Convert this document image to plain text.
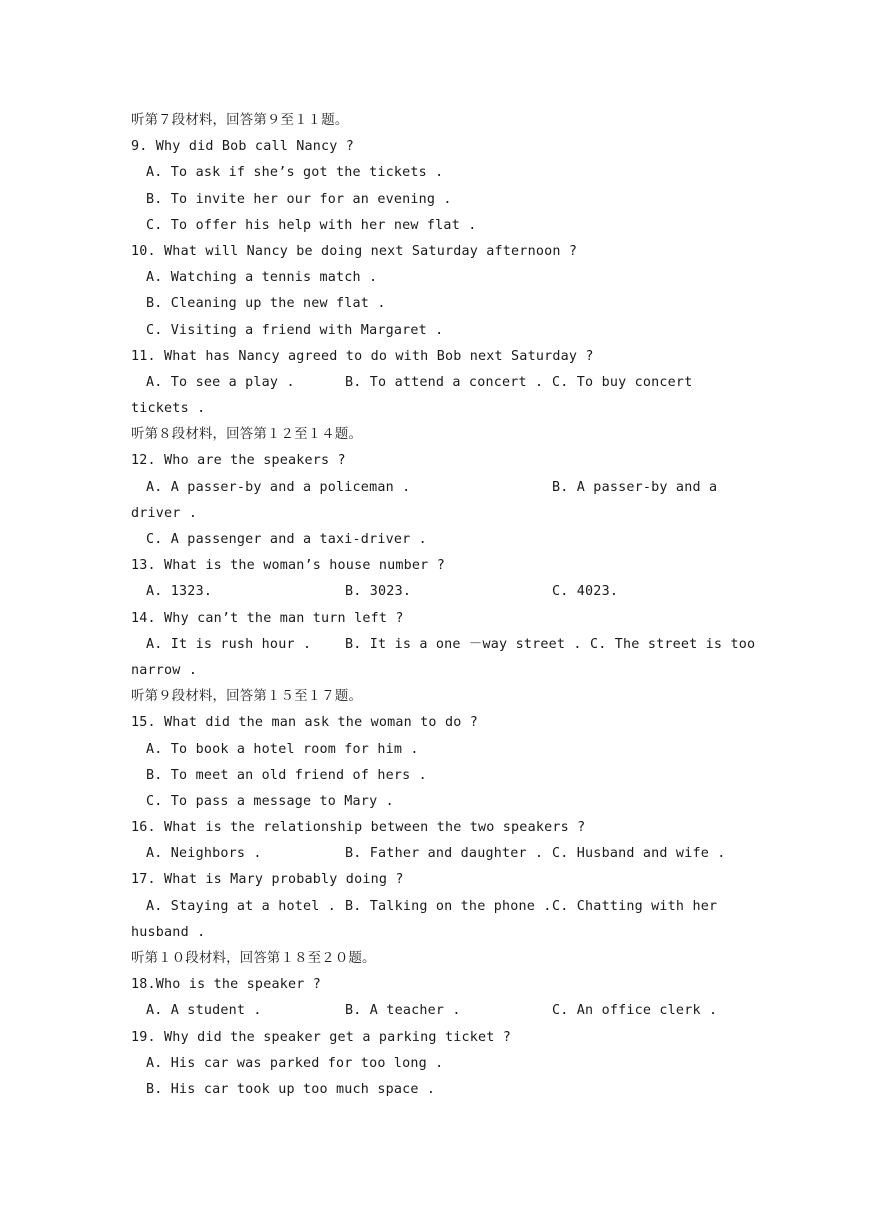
听第７段材料，回答第９至１１题。
9. Why did Bob call Nancy ?
A. To ask if she’s got the tickets .
B. To invite her our for an evening .
C. To offer his help with her new flat .
10. What will Nancy be doing next Saturday afternoon ?
A. Watching a tennis match .
B. Cleaning up the new flat .
C. Visiting a friend with Margaret .
11. What has Nancy agreed to do with Bob next Saturday ?

A. To see a play .

	B. To attend a concert .

C. To buy concert

tickets .
听第８段材料，回答第１２至１４题。
12. Who are the speakers ?

A. A passer-by and a policeman .

	B. A passer-by and a

driver .
C. A passenger and a taxi-driver .
13. What is the woman’s house number ?

A. 1323.

	B. 3023.

	C. 4023.

14. Why can’t the man turn left ?

A. It is rush hour .

	B. It is a one －way street .

C. The street is too

narrow .
听第９段材料，回答第１５至１７题。
15. What did the man ask the woman to do ?
A. To book a hotel room for him .
B. To meet an old friend of hers .
C. To pass a message to Mary .
16. What is the relationship between the two speakers ?

A. Neighbors .

	B. Father and daughter .

C. Husband and wife .

17. What is Mary probably doing ?

A. Staying at a hotel .

B. Talking on the phone .

C. Chatting with her

husband .
听第１０段材料，回答第１８至２０题。
18.Who is the speaker ?

A. A student .

	B. A teacher .

	C. An office clerk .

19. Why did the speaker get a parking ticket ?
A. His car was parked for too long .
B. His car took up too much space .
